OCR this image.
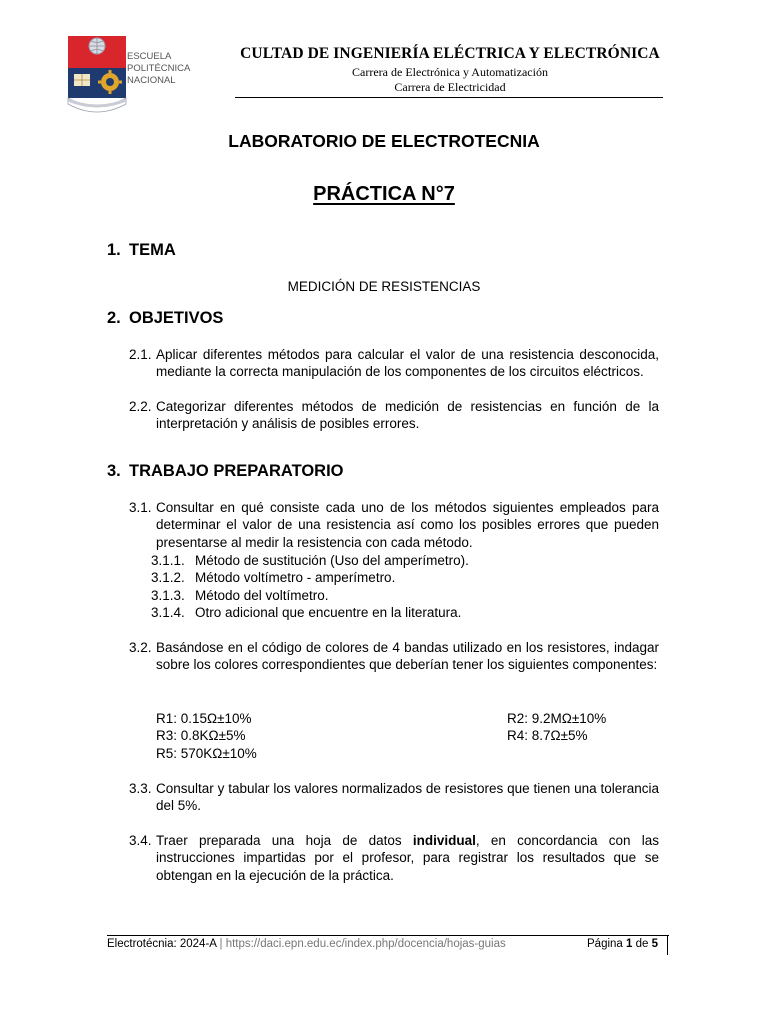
ESCUELA
POLITÉCNICA
NACIONAL
CULTAD DE INGENIERÍA ELÉCTRICA Y ELECTRÓNICA
Carrera de Electrónica y Automatización
Carrera de Electricidad
LABORATORIO DE ELECTROTECNIA
PRÁCTICA N°7
1. TEMA
MEDICIÓN DE RESISTENCIAS
2. OBJETIVOS
2.1. Aplicar diferentes métodos para calcular el valor de una resistencia desconocida, mediante la correcta manipulación de los componentes de los circuitos eléctricos.
2.2. Categorizar diferentes métodos de medición de resistencias en función de la interpretación y análisis de posibles errores.
3. TRABAJO PREPARATORIO
3.1. Consultar en qué consiste cada uno de los métodos siguientes empleados para determinar el valor de una resistencia así como los posibles errores que pueden presentarse al medir la resistencia con cada método.
3.1.1. Método de sustitución (Uso del amperímetro).
3.1.2. Método voltímetro - amperímetro.
3.1.3. Método del voltímetro.
3.1.4. Otro adicional que encuentre en la literatura.
3.2. Basándose en el código de colores de 4 bandas utilizado en los resistores, indagar sobre los colores correspondientes que deberían tener los siguientes componentes:
R1: 0.15Ω±10%	R2: 9.2MΩ±10%
R3: 0.8KΩ±5%	R4: 8.7Ω±5%
R5: 570KΩ±10%
3.3. Consultar y tabular los valores normalizados de resistores que tienen una tolerancia del 5%.
3.4. Traer preparada una hoja de datos individual, en concordancia con las instrucciones impartidas por el profesor, para registrar los resultados que se obtengan en la ejecución de la práctica.
Electrotécnia: 2024-A | https://daci.epn.edu.ec/index.php/docencia/hojas-guias	Página 1 de 5
